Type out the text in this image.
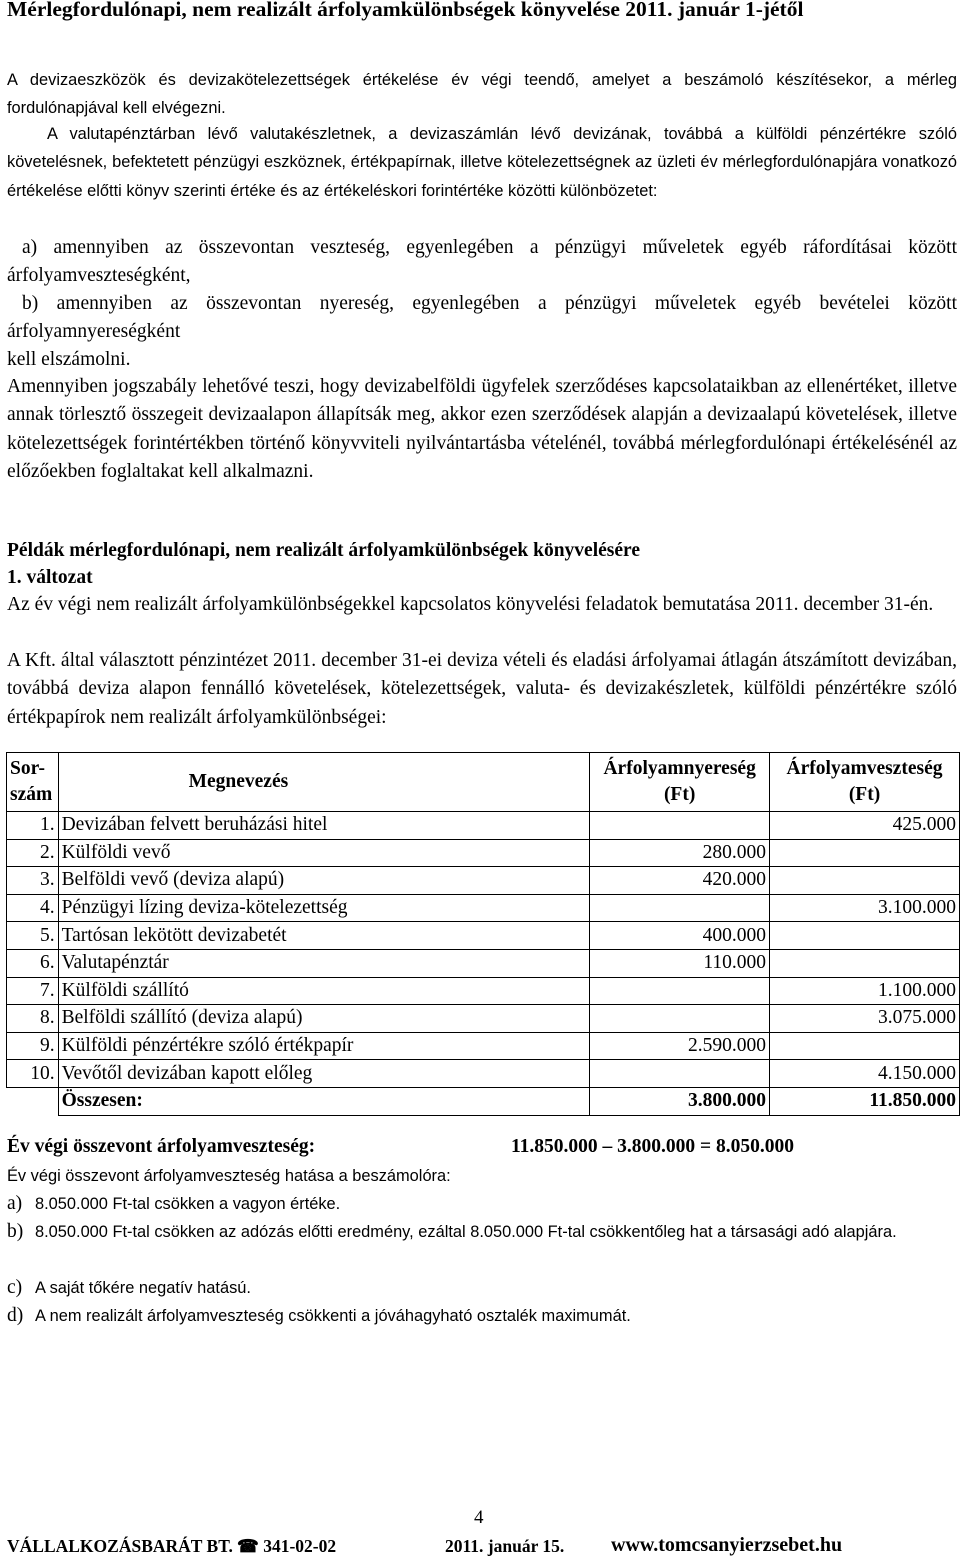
Mérlegfordulónapi, nem realizált árfolyamkülönbségek könyvelése 2011. január 1-jétől

A devizaeszközök és devizakötelezettségek értékelése év végi teendő, amelyet a beszámoló készítésekor, a mérleg fordulónapjával kell elvégezni.

A valutapénztárban lévő valutakészletnek, a devizaszámlán lévő devizának, továbbá a külföldi pénzértékre szóló követelésnek, befektetett pénzügyi eszköznek, értékpapírnak, illetve kötelezettségnek az üzleti év mérlegfordulónapjára vonatkozó értékelése előtti könyv szerinti értéke és az értékeléskori forintértéke közötti különbözetet:

a) amennyiben az összevontan veszteség, egyenlegében a pénzügyi műveletek egyéb ráfordításai között árfolyamveszteségként,

b) amennyiben az összevontan nyereség, egyenlegében a pénzügyi műveletek egyéb bevételei között árfolyamnyereségként

kell elszámolni.

Amennyiben jogszabály lehetővé teszi, hogy devizabelföldi ügyfelek szerződéses kapcsolataikban az ellenértéket, illetve annak törlesztő összegeit devizaalapon állapítsák meg, akkor ezen szerződések alapján a devizaalapú követelések, illetve kötelezettségek forintértékben történő könyvviteli nyilvántartásba vételénél, továbbá mérlegfordulónapi értékelésénél az előzőekben foglaltakat kell alkalmazni.

Példák mérlegfordulónapi, nem realizált árfolyamkülönbségek könyvelésére

1. változat

Az év végi nem realizált árfolyamkülönbségekkel kapcsolatos könyvelési feladatok bemutatása 2011. december 31-én.

A Kft. által választott pénzintézet 2011. december 31-ei deviza vételi és eladási árfolyamai átlagán átszámított devizában, továbbá deviza alapon fennálló követelések, kötelezettségek, valuta- és devizakészletek, külföldi pénzértékre szóló értékpapírok nem realizált árfolyamkülönbségei:

Sor-
szám	Megnevezés	Árfolyamnyereség
(Ft)	Árfolyamveszteség
(Ft)
1.	Devizában felvett beruházási hitel		425.000
2.	Külföldi vevő	280.000	
3.	Belföldi vevő (deviza alapú)	420.000	
4.	Pénzügyi lízing deviza-kötelezettség		3.100.000
5.	Tartósan lekötött devizabetét	400.000	
6.	Valutapénztár	110.000	
7.	Külföldi szállító		1.100.000
8.	Belföldi szállító (deviza alapú)		3.075.000
9.	Külföldi pénzértékre szóló értékpapír	2.590.000	
10.	Vevőtől devizában kapott előleg		4.150.000
	Összesen:	3.800.000	11.850.000
Év végi összevont árfolyamveszteség:	11.850.000 – 3.800.000 = 8.050.000

Év végi összevont árfolyamveszteség hatása a beszámolóra:

a) 8.050.000 Ft-tal csökken a vagyon értéke.
b) 8.050.000 Ft-tal csökken az adózás előtti eredmény, ezáltal 8.050.000 Ft-tal csökkentőleg hat a társasági adó alapjára.

c) A saját tőkére negatív hatású.
d) A nem realizált árfolyamveszteség csökkenti a jóváhagyható osztalék maximumát.
4
VÁLLALKOZÁSBARÁT BT. ☎ 341-02-02	2011. január 15. www.tomcsanyierzsebet.hu
